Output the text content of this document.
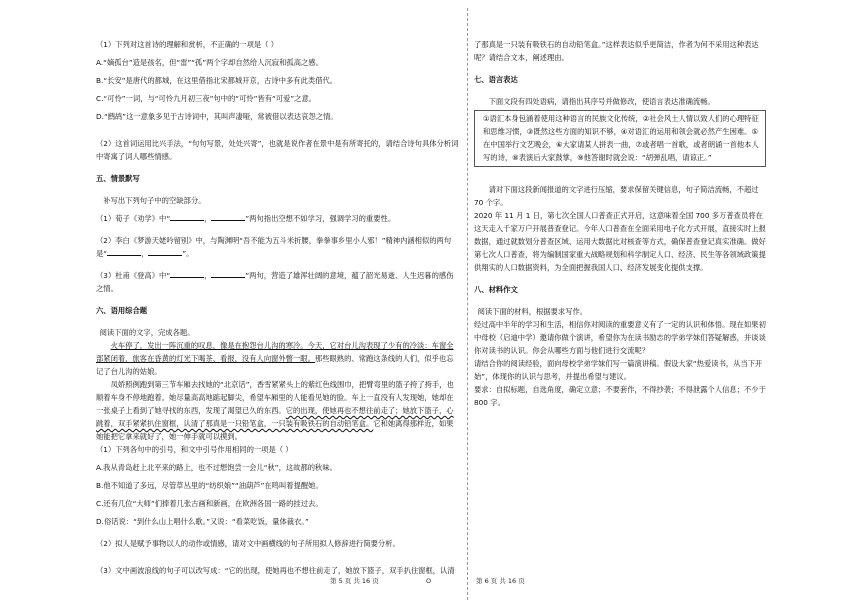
（1）下列对这首诗的理解和赏析，不正确的一项是（ ）

A.“嫡孤台”造是孩名，但“雷”“孤”两个字却自然给人沉寂和孤高之感。

B.“长安”是唐代的都城，在这里借指北宋都城开京，古诗中多有此类借代。

C.“可怜”一词，与“可怜九月初三夜”句中的“可怜”皆有“可爱”之意。

D.“鹧鸪”这一意象多见于古诗词中，其叫声凄哑，常被借以表达哀怨之情。

（2）这首词运用比兴手法，“句句写景，处处兴寄”，也就是说作者在景中是有所寄托的，请结合诗句具体分析词中寄寓了词人哪些情感。

五、情景默写

补写出下列句子中的空缺部分。

（1）荀子《劝学》中“	，	”两句指出空想不如学习，强调学习的重要性。

（2）李白《梦游天姥吟留别》中，与陶渊明“吾不能为五斗米折腰，拳拳事乡里小人邪！”精神内涵相似的两句是“	，	”。

（3）杜甫《登高》中“	，	”两句，营造了雄浑壮阔的意境，蕴了韶光易逝、人生迟暮的感伤之情。

六、语用综合题

阅读下面的文字，完成各题。

火车停了，发出一阵沉重的叹息，像是在抱怨台儿沟的寒冷。今天，它对台儿沟表现了少有的冷淡：车窗全部紧闭着，旅客在昏黄的灯光下喝茶、看报，没有人向窗外瞥一眼。那些眼熟的、常跑这条线的人们，似乎也忘记了台儿沟的姑娘。

凤娇照例跑到第三节车厢去找她的“北京话”，香雪紧紧头上的紫红色线围巾，把臂弯里的篮子挎了挎手，也顺着车身不停地跑着。她尽量高高地踮起脚尖，希望车厢里的人能看见她的脸。车上一直没有人发现她，她却在一张桌子上看到了她寻找的东西，发现了渴望已久的东西。它的出现，使她再也不想往前走了；她放下篮子，心跳着，双手紧紧扒住窗框，认清了那真是一只铅笔盒，一只装有吸铁石的自动铅笔盒。它和她离得那样近，如果她能把它拿来就好了，她一伸手就可以摸到。

（1）下列各句中的引号，和文中引号作用相同的一项是（ ）

A.我从青岛赶上北平来的路上，也不过想饱尝一会儿“秋”，这故都的秋味。

B.他不知道了多远，尽管草丛里的“纺织娘”“油葫芦”在鸣叫着提醒她。

C.还有几位“大师”们捧着几张古画和新画，在欧洲各国一路的挂过去。

D.俗话说：“到什么山上唱什么歌。”又说：“看菜吃饭，量体裁衣。”

（2）拟人是赋予事物以人的动作或情感，请对文中画横线的句子所用拟人修辞进行简要分析。

（3）文中画波浪线的句子可以改写成：“它的出现，使她再也不想往前走了，她放下篮子，双手扒住窗框，认清

了那真是一只装有吸铁石的自动铅笔盒。”这样表达似乎更简洁，作者为何不采用这种表达呢？请结合文本，阐述理由。

七、语言表达

下面文段有四处语病，请指出其序号并做修改，使语言表达准确流畅。

①语汇本身包涵着使用这种语言的民族文化传统，②社会风土人情以致人们的心理特征和思维习惯，③既然这些方面的知识不够，④对语汇的运用和领会就必然产生困难。⑤在中国举行文艺晚会，⑥大家请某人拼表一曲，⑦或者唱一首歌，或者朗诵一首他本人写的诗，⑧表演后大家鼓掌，⑨他答谢时就会说：“胡弹乱唱，请谅正。”

请对下面这段新闻报道的文字进行压缩，要求保留关键信息，句子简洁流畅，不超过 70 个字。

2020 年 11 月 1 日，第七次全国人口普查正式开启，这意味着全国 700 多万普查员将在这天走入千家万户开展普查登记。今年人口普查在全面采用电子化方式开展，直接实时上报数据，通过就数划分普查区域、运用大数据比对核查等方式，确保普查登记真实准确。做好第七次人口普查，将为编制国家重大战略规划和科学制定人口、经济、民生等各领域政策提供翔实的人口数据资料，为全面把握我国人口、经济发展变化提供支撑。

八、材料作文

阅读下面的材料，根据要求写作。

经过高中半年的学习和生活，相信你对阅读的重要意义有了一定的认识和体悟。现在如果初中母校（启迪中学）邀请你做个演讲，希望你为在读书励志的学弟学妹们答疑解惑，并谈谈你对读书的认识。你会从哪些方面与他们进行交流呢？

请结合你的阅读经验，面向母校学弟学妹们写一篇演讲稿。假设大家“热爱读书，从当下开始”，体现你的认识与思考，并提出希望与建议。

要求：自拟标题，自选角度，确定立意；不要套作，不得抄袭；不得泄露个人信息；不少于 800 字。

第 5 页 共 16 页	O	第 6 页 共 16 页
